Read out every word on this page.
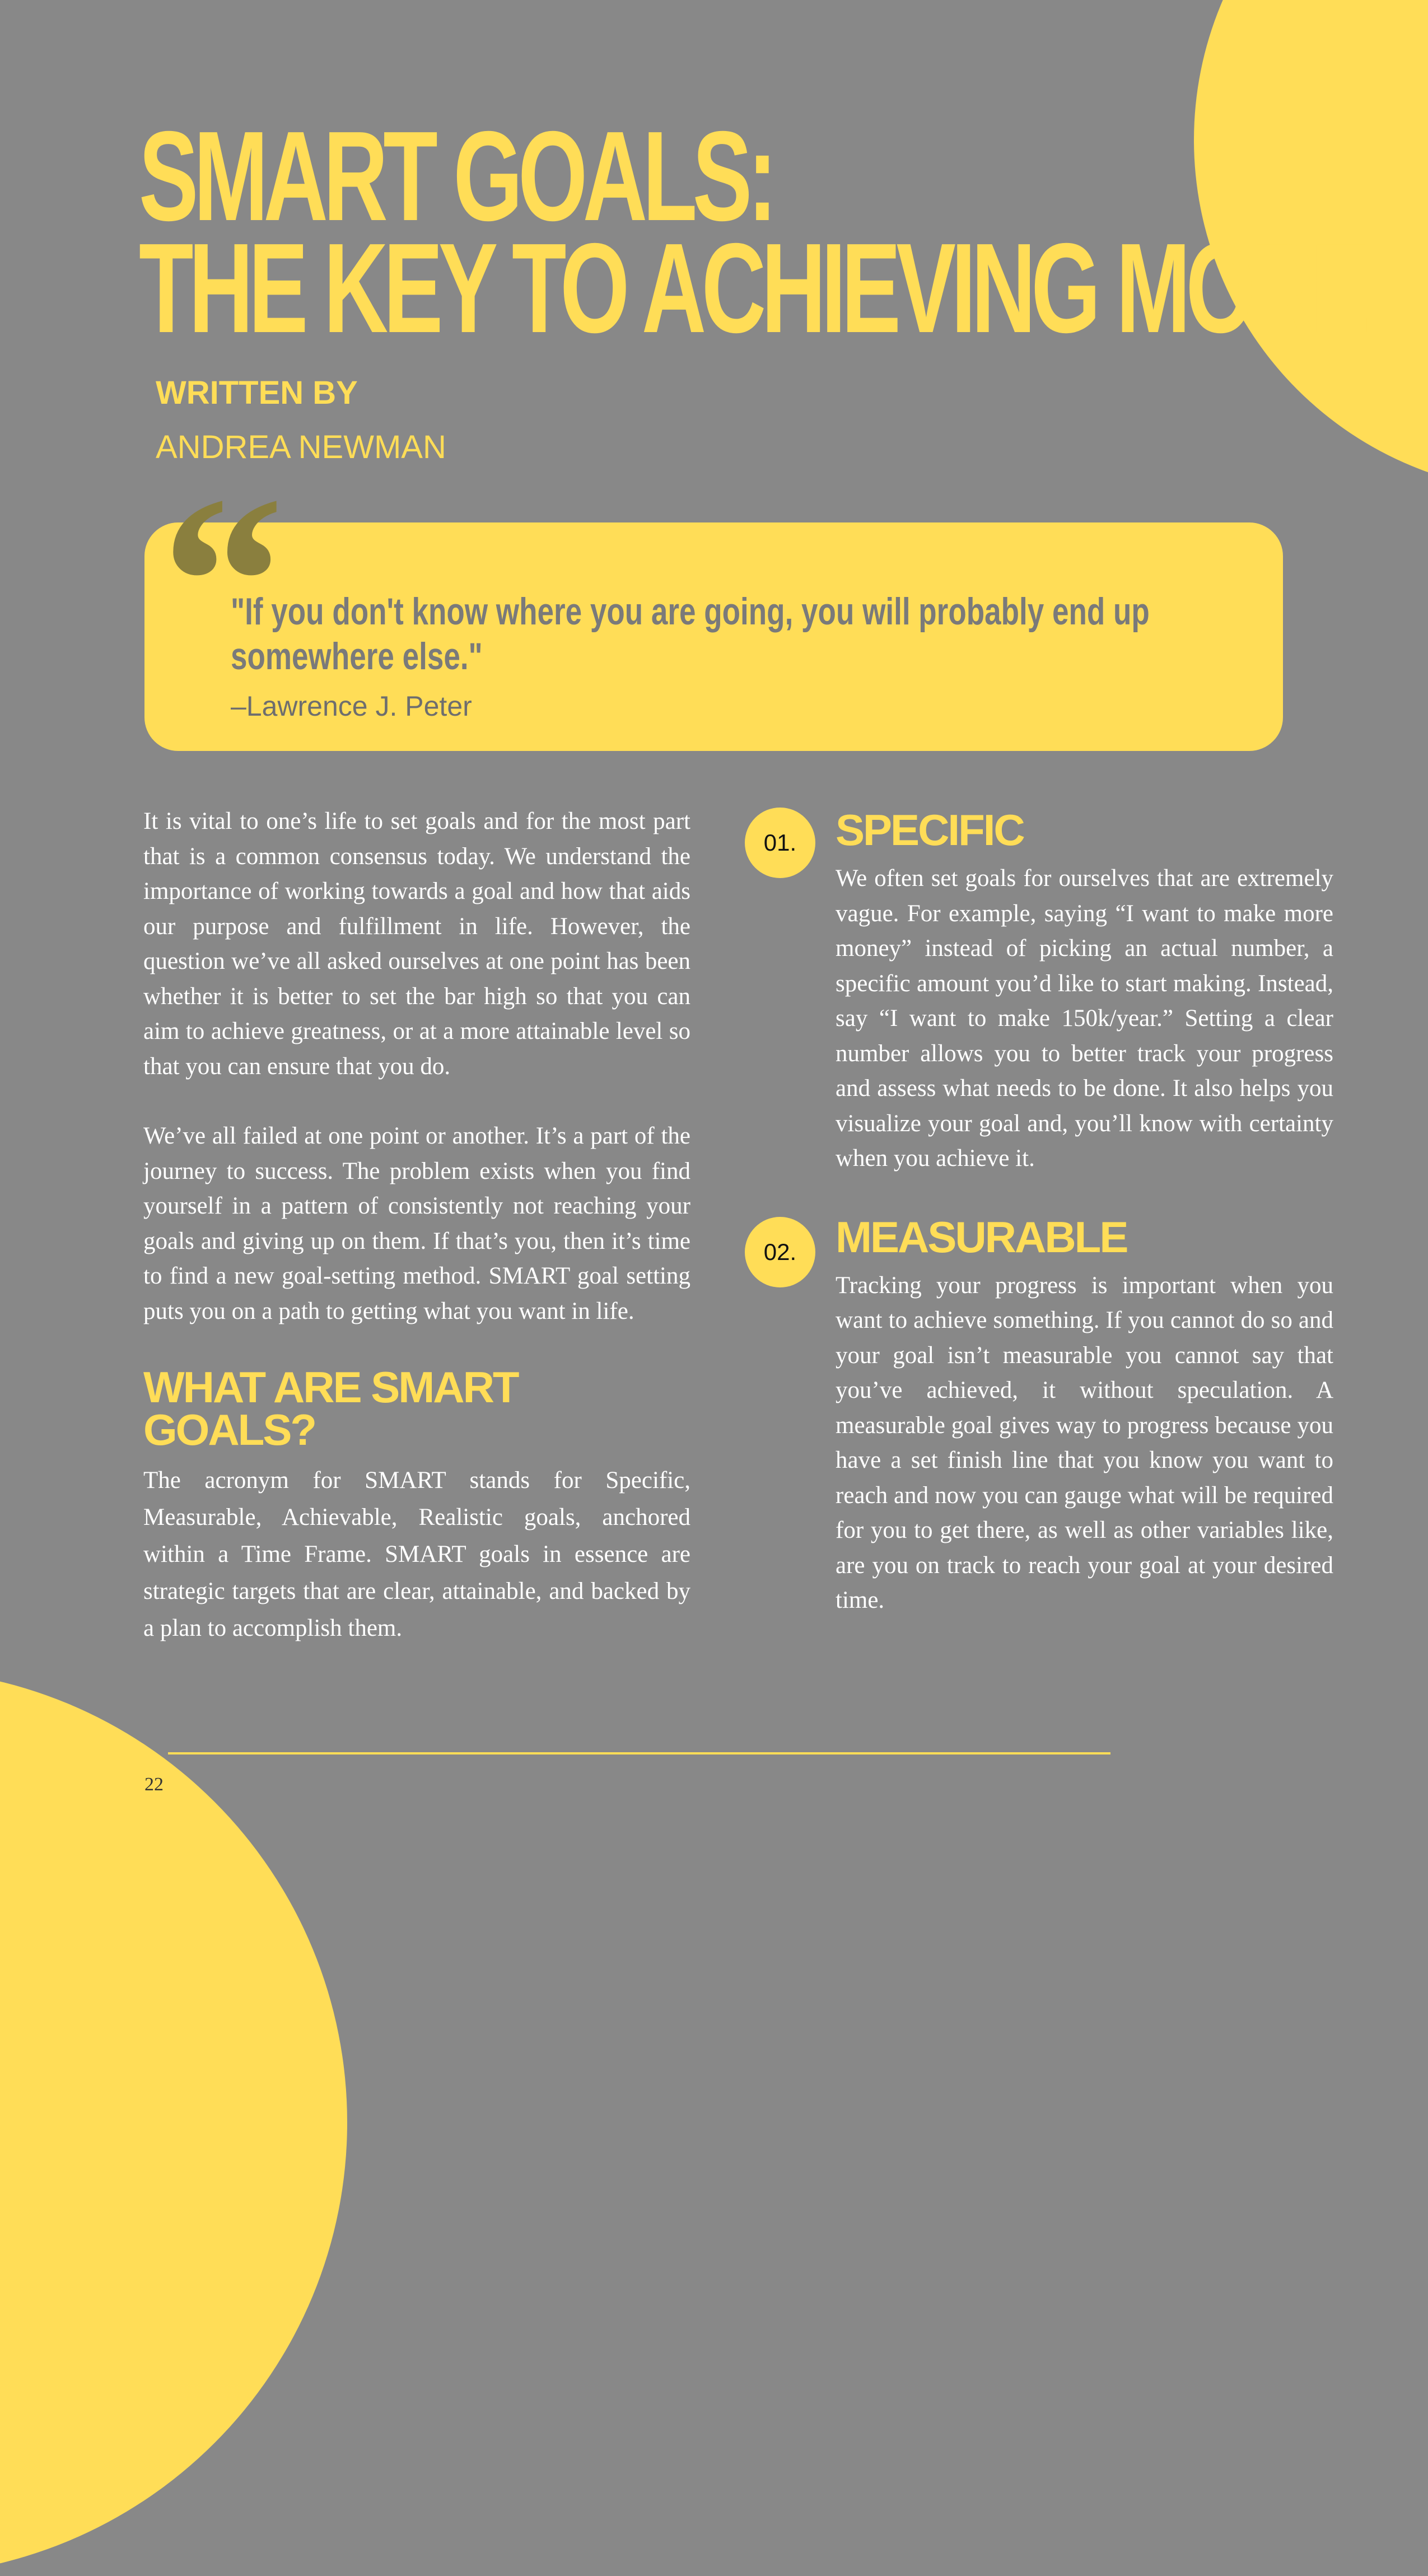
SMART GOALS:
THE KEY TO ACHIEVING MORE
WRITTEN BY
ANDREA NEWMAN
“

"If you don't know where you are going, you will probably end up
somewhere else."

–Lawrence J. Peter

It is vital to one’s life to set goals and for the most part that is a common consensus today. We understand the importance of working towards a goal and how that aids our purpose and fulfillment in life. However, the question we’ve all asked ourselves at one point has been whether it is better to set the bar high so that you can aim to achieve greatness, or at a more attainable level so that you can ensure that you do.

We’ve all failed at one point or another. It’s a part of the journey to success. The problem exists when you find yourself in a pattern of consistently not reaching your goals and giving up on them. If that’s you, then it’s time to find a new goal-setting method. SMART goal setting puts you on a path to getting what you want in life.

WHAT ARE SMART GOALS?

The acronym for SMART stands for Specific, Measurable, Achievable, Realistic goals, anchored within a Time Frame. SMART goals in essence are strategic targets that are clear, attainable, and backed by a plan to accomplish them.

01. SPECIFIC

We often set goals for ourselves that are extremely vague. For example, saying “I want to make more money” instead of picking an actual number, a specific amount you’d like to start making. Instead, say “I want to make 150k/year.” Setting a clear number allows you to better track your progress and assess what needs to be done. It also helps you visualize your goal and, you’ll know with certainty when you achieve it.

02. MEASURABLE

Tracking your progress is important when you want to achieve something. If you cannot do so and your goal isn’t measurable you cannot say that you’ve achieved, it without speculation. A measurable goal gives way to progress because you have a set finish line that you know you want to reach and now you can gauge what will be required for you to get there, as well as other variables like, are you on track to reach your goal at your desired time.

22
